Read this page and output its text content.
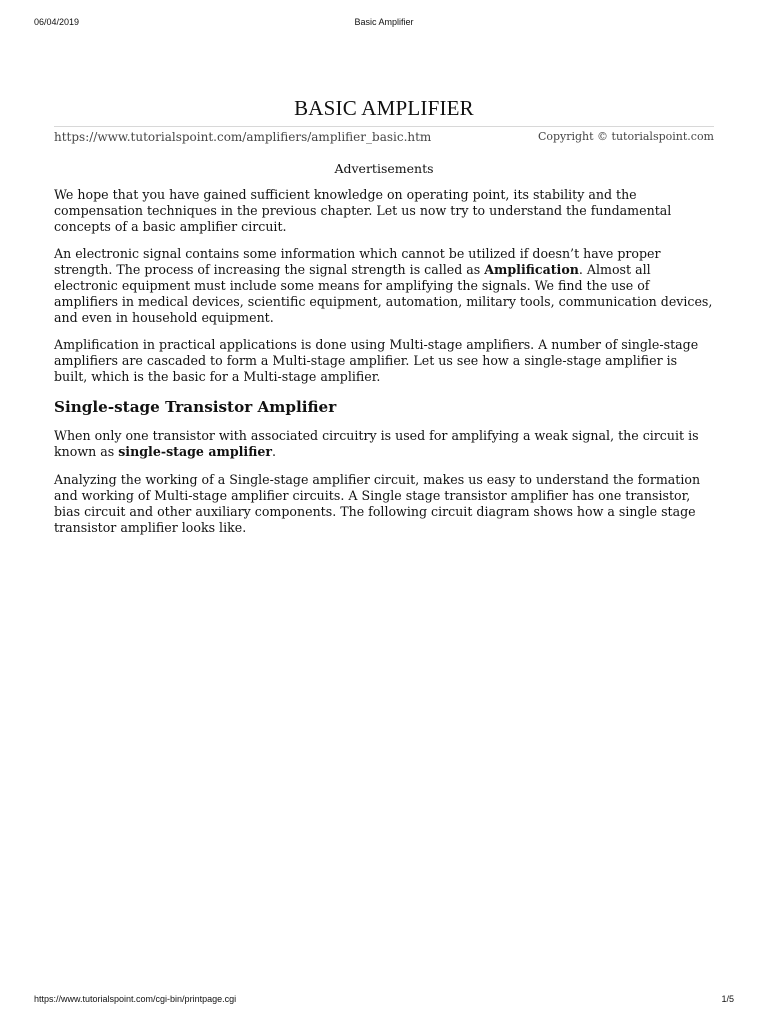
06/04/2019	Basic Amplifier
BASIC AMPLIFIER
https://www.tutorialspoint.com/amplifiers/amplifier_basic.htm	Copyright © tutorialspoint.com
Advertisements

We hope that you have gained sufficient knowledge on operating point, its stability and the compensation techniques in the previous chapter. Let us now try to understand the fundamental concepts of a basic amplifier circuit.

An electronic signal contains some information which cannot be utilized if doesn’t have proper strength. The process of increasing the signal strength is called as Amplification. Almost all electronic equipment must include some means for amplifying the signals. We find the use of amplifiers in medical devices, scientific equipment, automation, military tools, communication devices, and even in household equipment.

Amplification in practical applications is done using Multi-stage amplifiers. A number of single-stage amplifiers are cascaded to form a Multi-stage amplifier. Let us see how a single-stage amplifier is built, which is the basic for a Multi-stage amplifier.

Single-stage Transistor Amplifier

When only one transistor with associated circuitry is used for amplifying a weak signal, the circuit is known as single-stage amplifier.

Analyzing the working of a Single-stage amplifier circuit, makes us easy to understand the formation and working of Multi-stage amplifier circuits. A Single stage transistor amplifier has one transistor, bias circuit and other auxiliary components. The following circuit diagram shows how a single stage transistor amplifier looks like.

https://www.tutorialspoint.com/cgi-bin/printpage.cgi	1/5
